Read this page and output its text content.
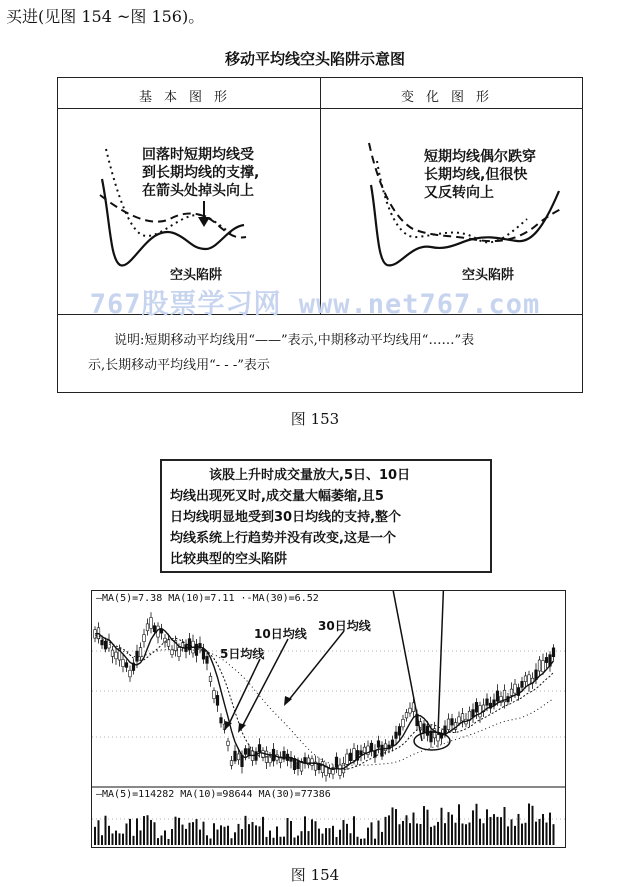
买进(见图 154 ~图 156)。
移动平均线空头陷阱示意图
基本图形	变化图形
回落时短期均线受
到长期均线的支撑,
在箭头处掉头向上
空头陷阱
短期均线偶尔跌穿
长期均线,但很快
又反转向上
空头陷阱
767股票学习网 www.net767.com
说明:短期移动平均线用“——”表示,中期移动平均线用“……”表
示,长期移动平均线用“- - -”表示
图 153
—MA(5)=7.38 MA(10)=7.11 ·-MA(30)=6.52
—MA(5)=114282 MA(10)=98644 MA(30)=77386
5日均线
10日均线
30日均线
该股上升时成交量放大,5日、10日
均线出现死叉时,成交量大幅萎缩,且5
日均线明显地受到30日均线的支持,整个
均线系统上行趋势并没有改变,这是一个
比较典型的空头陷阱
图 154
